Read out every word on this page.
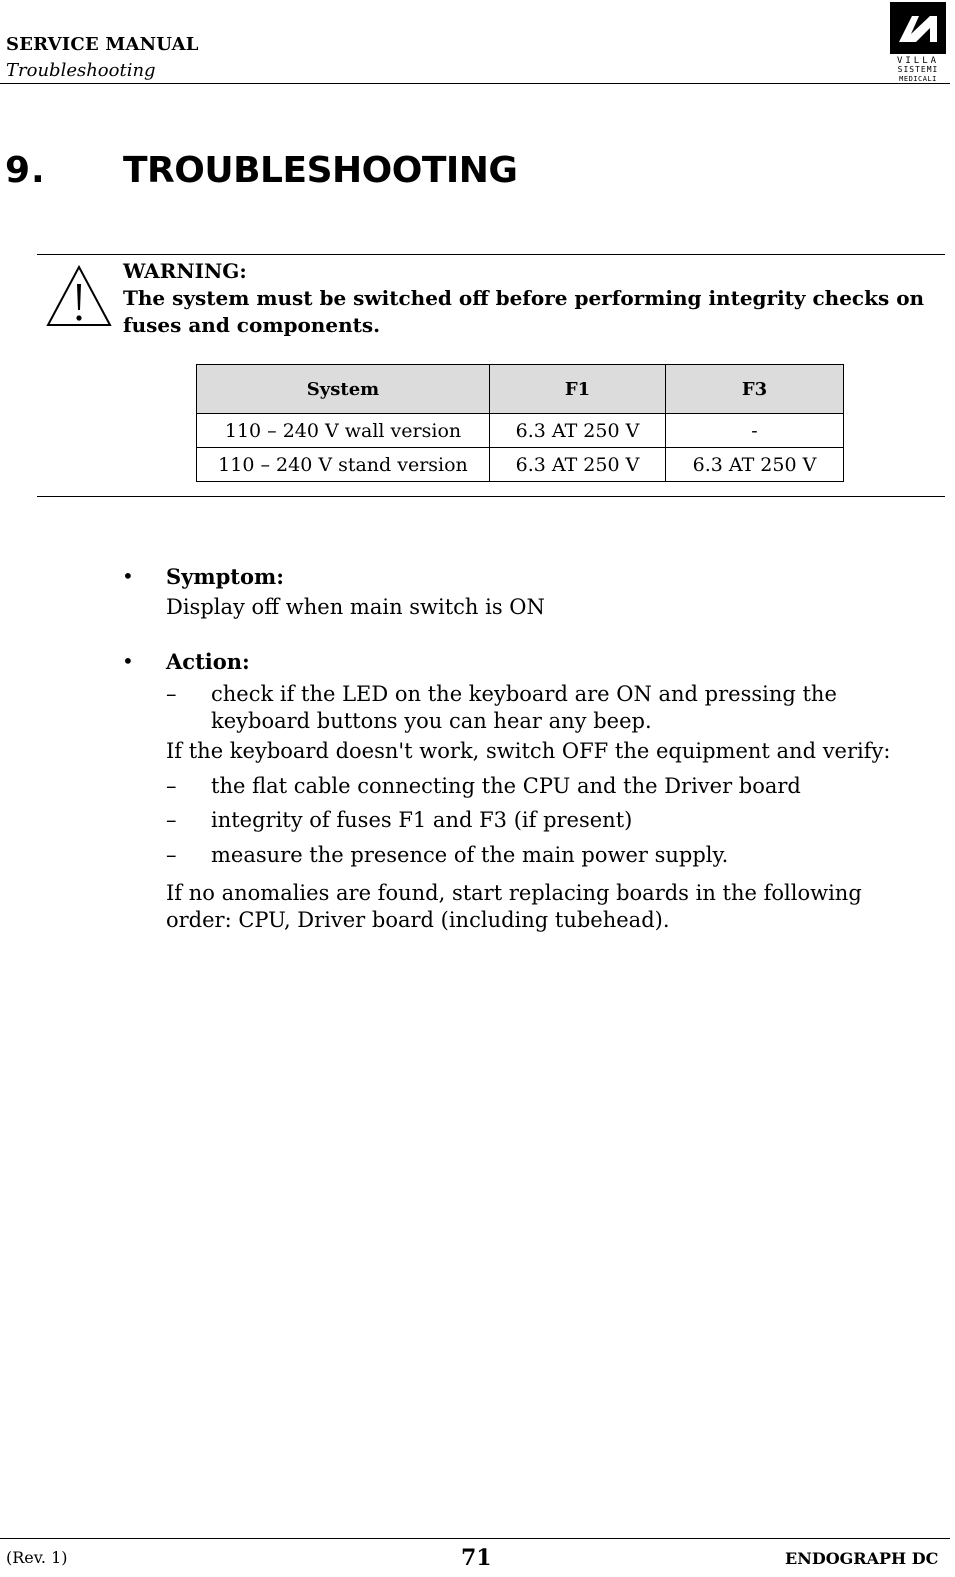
SERVICE MANUAL
Troubleshooting	VILLA
SISTEMI
MEDICALI
9. TROUBLESHOOTING
WARNING:
The system must be switched off before performing integrity checks on fuses and components.
System	F1	F3
110 – 240 V wall version	6.3 AT 250 V	-
110 – 240 V stand version	6.3 AT 250 V	6.3 AT 250 V
• Symptom:
Display off when main switch is ON
• Action:
– check if the LED on the keyboard are ON and pressing the
keyboard buttons you can hear any beep.
If the keyboard doesn't work, switch OFF the equipment and verify:
– the flat cable connecting the CPU and the Driver board
– integrity of fuses F1 and F3 (if present)
– measure the presence of the main power supply.
If no anomalies are found, start replacing boards in the following
order: CPU, Driver board (including tubehead).
(Rev. 1)	71	ENDOGRAPH DC
